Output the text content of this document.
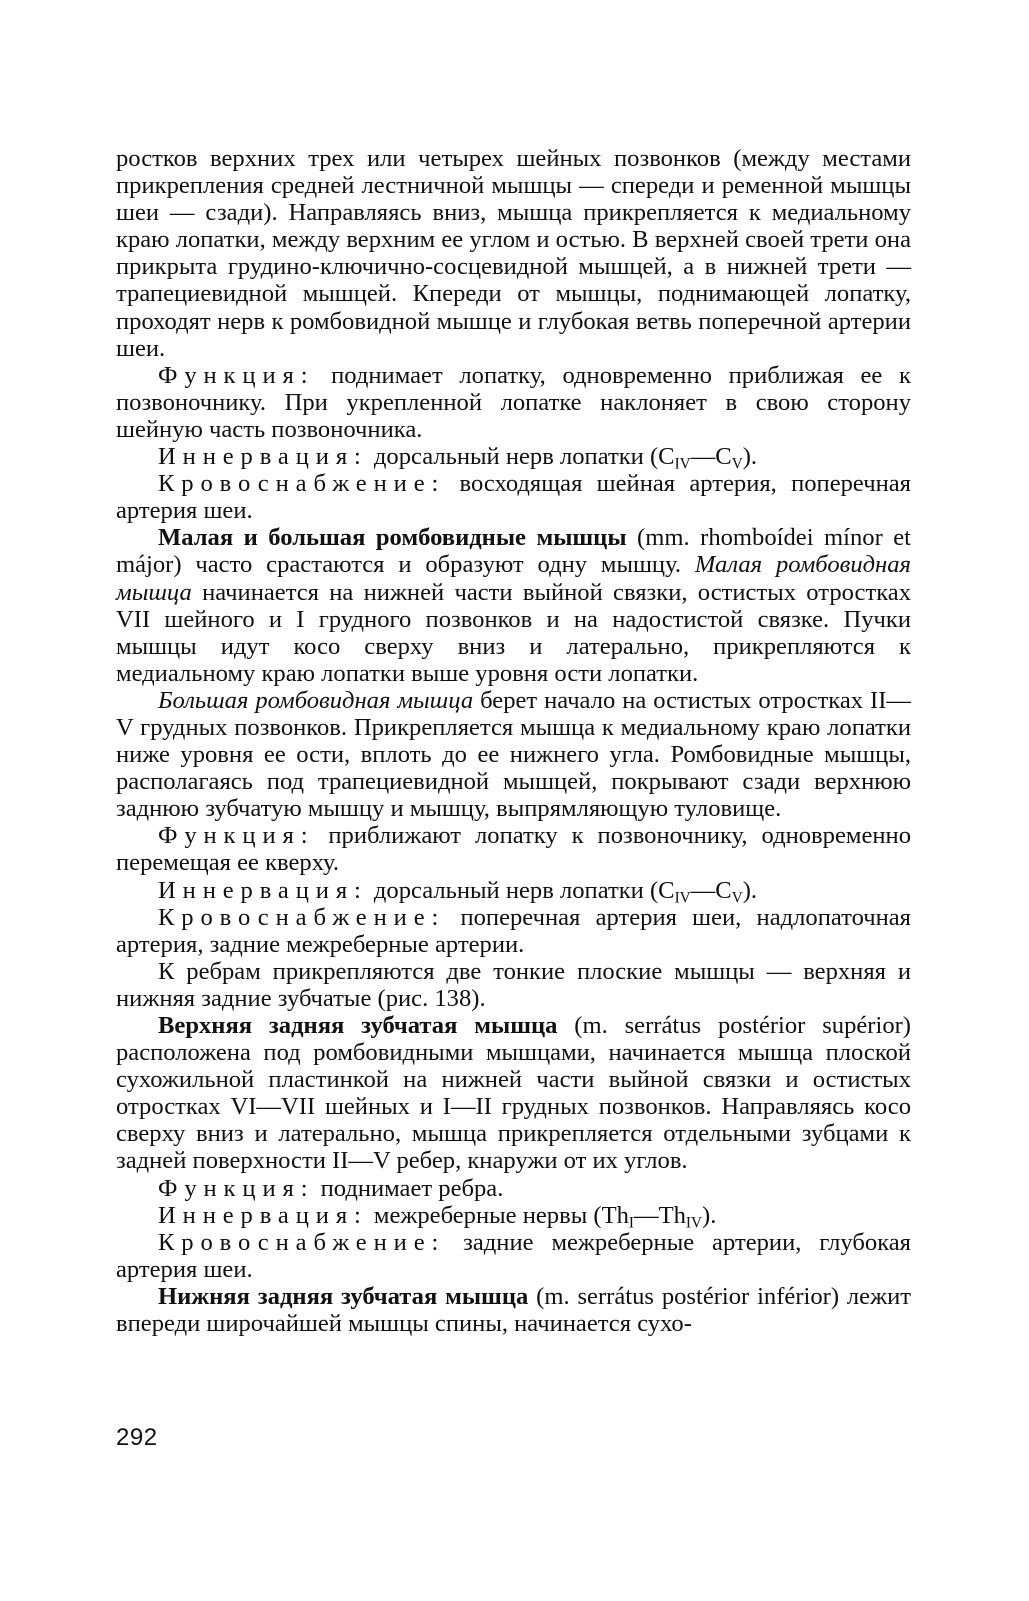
ростков верхних трех или четырех шейных позвонков (между местами прикрепления средней лестничной мышцы — спереди и ременной мышцы шеи — сзади). Направляясь вниз, мышца прикрепляется к медиальному краю лопатки, между верхним ее углом и остью. В верхней своей трети она прикрыта грудино-ключично-сосцевидной мышцей, а в нижней трети — трапециевидной мышцей. Кпереди от мышцы, поднимающей лопатку, проходят нерв к ромбовидной мышце и глубокая ветвь поперечной артерии шеи.

Функция: поднимает лопатку, одновременно приближая ее к позвоночнику. При укрепленной лопатке наклоняет в свою сторону шейную часть позвоночника.

Иннервация: дорсальный нерв лопатки $(C_{IV}—C_V)$.

Кровоснабжение: восходящая шейная артерия, поперечная артерия шеи.

Малая и большая ромбовидные мышцы (mm. rhomboídei mínor et májor) часто срастаются и образуют одну мышцу. Малая ромбовидная мышца начинается на нижней части выйной связки, остистых отростках VII шейного и I грудного позвонков и на надостистой связке. Пучки мышцы идут косо сверху вниз и латерально, прикрепляются к медиальному краю лопатки выше уровня ости лопатки.

Большая ромбовидная мышца берет начало на остистых отростках II—V грудных позвонков. Прикрепляется мышца к медиальному краю лопатки ниже уровня ее ости, вплоть до ее нижнего угла. Ромбовидные мышцы, располагаясь под трапециевидной мышцей, покрывают сзади верхнюю заднюю зубчатую мышцу и мышцу, выпрямляющую туловище.

Функция: приближают лопатку к позвоночнику, одновременно перемещая ее кверху.

Иннервация: дорсальный нерв лопатки $(C_{IV}—C_V)$.

Кровоснабжение: поперечная артерия шеи, надлопаточная артерия, задние межреберные артерии.

К ребрам прикрепляются две тонкие плоские мышцы — верхняя и нижняя задние зубчатые (рис. 138).

Верхняя задняя зубчатая мышца (m. serrátus postérior supérior) расположена под ромбовидными мышцами, начинается мышца плоской сухожильной пластинкой на нижней части выйной связки и остистых отростках VI—VII шейных и I—II грудных позвонков. Направляясь косо сверху вниз и латерально, мышца прикрепляется отдельными зубцами к задней поверхности II—V ребер, кнаружи от их углов.

Функция: поднимает ребра.

Иннервация: межреберные нервы $(Th_I—Th_{IV})$.

Кровоснабжение: задние межреберные артерии, глубокая артерия шеи.

Нижняя задняя зубчатая мышца (m. serrátus postérior inférior) лежит впереди широчайшей мышцы спины, начинается сухо-

292
